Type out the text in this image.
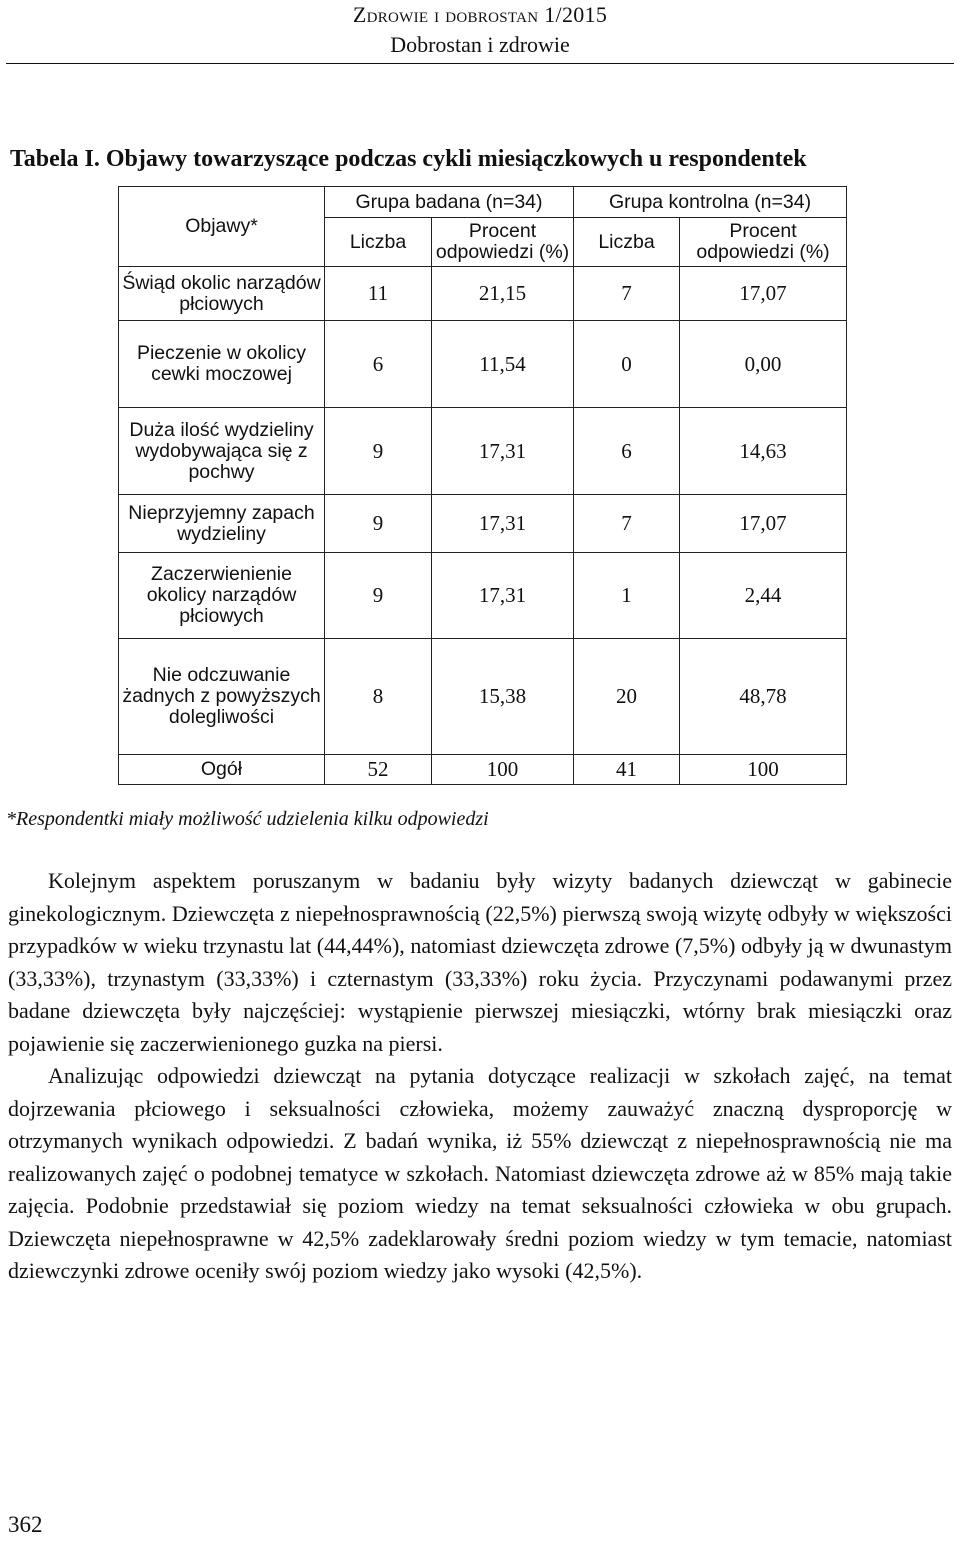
Zdrowie i dobrostan 1/2015
Dobrostan i zdrowie
Tabela I. Objawy towarzyszące podczas cykli miesiączkowych u respondentek
Objawy*	Grupa badana (n=34)		Grupa kontrolna (n=34)	
	Liczba	Procent odpowiedzi (%)	Liczba	Procent odpowiedzi (%)
Świąd okolic narządów płciowych	11	21,15	7	17,07
Pieczenie w okolicy cewki moczowej	6	11,54	0	0,00
Duża ilość wydzieliny wydobywająca się z pochwy	9	17,31	6	14,63
Nieprzyjemny zapach wydzieliny	9	17,31	7	17,07
Zaczerwienienie okolicy narządów płciowych	9	17,31	1	2,44
Nie odczuwanie żadnych z powyższych dolegliwości	8	15,38	20	48,78
Ogół	52	100	41	100
*Respondentki miały możliwość udzielenia kilku odpowiedzi

Kolejnym aspektem poruszanym w badaniu były wizyty badanych dziewcząt w gabinecie ginekologicznym. Dziewczęta z niepełnosprawnością (22,5%) pierwszą swoją wizytę odbyły w większości przypadków w wieku trzynastu lat (44,44%), natomiast dziewczęta zdrowe (7,5%) odbyły ją w dwunastym (33,33%), trzynastym (33,33%) i czternastym (33,33%) roku życia. Przyczynami podawanymi przez badane dziewczęta były najczęściej: wystąpienie pierwszej miesiączki, wtórny brak miesiączki oraz pojawienie się zaczerwienionego guzka na piersi.

Analizując odpowiedzi dziewcząt na pytania dotyczące realizacji w szkołach zajęć, na temat dojrzewania płciowego i seksualności człowieka, możemy zauważyć znaczną dysproporcję w otrzymanych wynikach odpowiedzi. Z badań wynika, iż 55% dziewcząt z niepełnosprawnością nie ma realizowanych zajęć o podobnej tematyce w szkołach. Natomiast dziewczęta zdrowe aż w 85% mają takie zajęcia. Podobnie przedstawiał się poziom wiedzy na temat seksualności człowieka w obu grupach. Dziewczęta niepełnosprawne w 42,5% zadeklarowały średni poziom wiedzy w tym temacie, natomiast dziewczynki zdrowe oceniły swój poziom wiedzy jako wysoki (42,5%).

362
